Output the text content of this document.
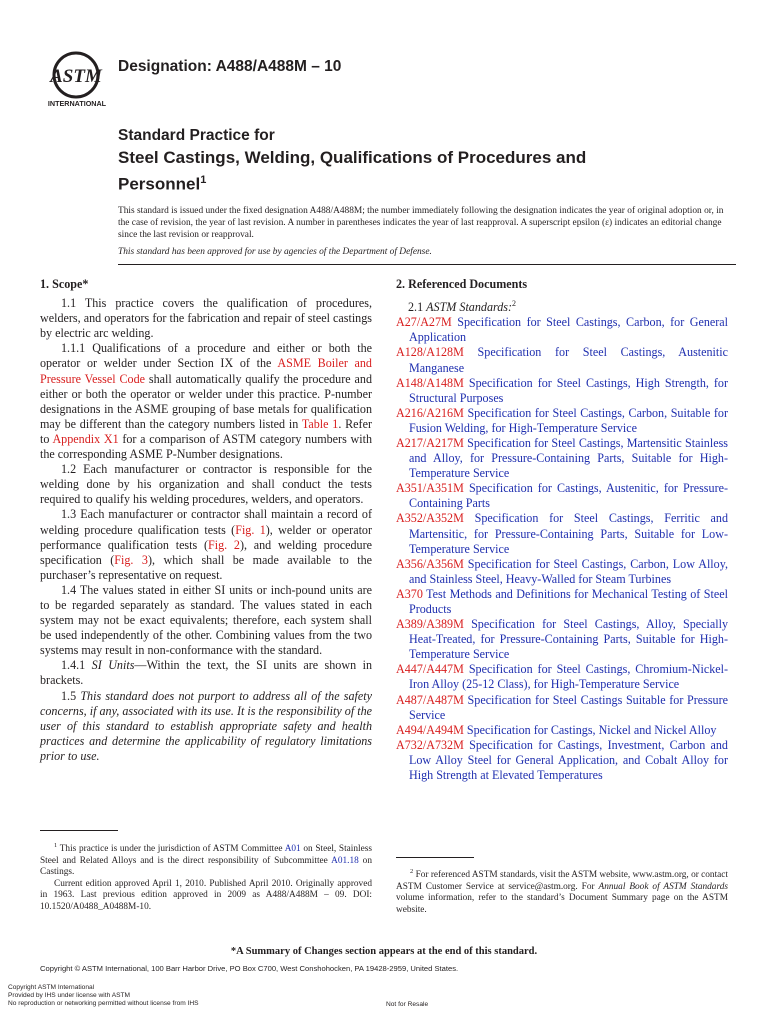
ASTM
INTERNATIONAL
Designation: A488/A488M – 10
Standard Practice for
Steel Castings, Welding, Qualifications of Procedures and
Personnel$^1$
This standard is issued under the fixed designation A488/A488M; the number immediately following the designation indicates the year of original adoption or, in the case of revision, the year of last revision. A number in parentheses indicates the year of last reapproval. A superscript epsilon (ε) indicates an editorial change since the last revision or reapproval.
This standard has been approved for use by agencies of the Department of Defense.
1. Scope*

1.1 This practice covers the qualification of procedures, welders, and operators for the fabrication and repair of steel castings by electric arc welding.

1.1.1 Qualifications of a procedure and either or both the operator or welder under Section IX of the ASME Boiler and Pressure Vessel Code shall automatically qualify the procedure and either or both the operator or welder under this practice. P-number designations in the ASME grouping of base metals for qualification may be different than the category numbers listed in Table 1. Refer to Appendix X1 for a comparison of ASTM category numbers with the corresponding ASME P-Number designations.

1.2 Each manufacturer or contractor is responsible for the welding done by his organization and shall conduct the tests required to qualify his welding procedures, welders, and operators.

1.3 Each manufacturer or contractor shall maintain a record of welding procedure qualification tests (Fig. 1), welder or operator performance qualification tests (Fig. 2), and welding procedure specification (Fig. 3), which shall be made available to the purchaser’s representative on request.

1.4 The values stated in either SI units or inch-pound units are to be regarded separately as standard. The values stated in each system may not be exact equivalents; therefore, each system shall be used independently of the other. Combining values from the two systems may result in non-conformance with the standard.

1.4.1 SI Units—Within the text, the SI units are shown in brackets.

1.5 This standard does not purport to address all of the safety concerns, if any, associated with its use. It is the responsibility of the user of this standard to establish appropriate safety and health practices and determine the applicability of regulatory limitations prior to use.

2. Referenced Documents

2.1 ASTM Standards:$^2$

A27/A27M Specification for Steel Castings, Carbon, for General Application

A128/A128M Specification for Steel Castings, Austenitic Manganese

A148/A148M Specification for Steel Castings, High Strength, for Structural Purposes

A216/A216M Specification for Steel Castings, Carbon, Suitable for Fusion Welding, for High-Temperature Service

A217/A217M Specification for Steel Castings, Martensitic Stainless and Alloy, for Pressure-Containing Parts, Suitable for High-Temperature Service

A351/A351M Specification for Castings, Austenitic, for Pressure-Containing Parts

A352/A352M Specification for Steel Castings, Ferritic and Martensitic, for Pressure-Containing Parts, Suitable for Low-Temperature Service

A356/A356M Specification for Steel Castings, Carbon, Low Alloy, and Stainless Steel, Heavy-Walled for Steam Turbines

A370 Test Methods and Definitions for Mechanical Testing of Steel Products

A389/A389M Specification for Steel Castings, Alloy, Specially Heat-Treated, for Pressure-Containing Parts, Suitable for High-Temperature Service

A447/A447M Specification for Steel Castings, Chromium-Nickel-Iron Alloy (25-12 Class), for High-Temperature Service

A487/A487M Specification for Steel Castings Suitable for Pressure Service

A494/A494M Specification for Castings, Nickel and Nickel Alloy

A732/A732M Specification for Castings, Investment, Carbon and Low Alloy Steel for General Application, and Cobalt Alloy for High Strength at Elevated Temperatures

$^1$ This practice is under the jurisdiction of ASTM Committee A01 on Steel, Stainless Steel and Related Alloys and is the direct responsibility of Subcommittee A01.18 on Castings.

Current edition approved April 1, 2010. Published April 2010. Originally approved in 1963. Last previous edition approved in 2009 as A488/A488M – 09. DOI: 10.1520/A0488_A0488M-10.

$^2$ For referenced ASTM standards, visit the ASTM website, www.astm.org, or contact ASTM Customer Service at service@astm.org. For Annual Book of ASTM Standards volume information, refer to the standard’s Document Summary page on the ASTM website.

*A Summary of Changes section appears at the end of this standard.
Copyright © ASTM International, 100 Barr Harbor Drive, PO Box C700, West Conshohocken, PA 19428-2959, United States.
Copyright ASTM International
Provided by IHS under license with ASTM
No reproduction or networking permitted without license from IHS	Not for Resale
